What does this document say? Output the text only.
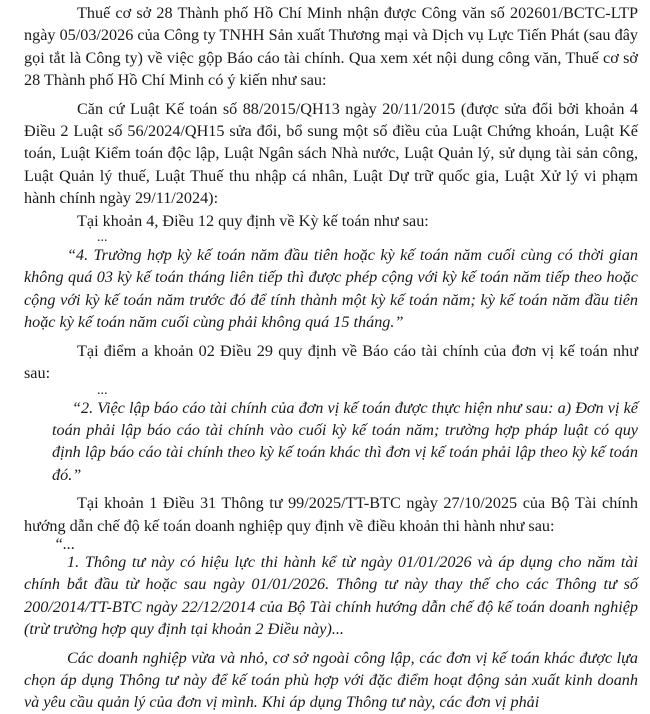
Thuế cơ sở 28 Thành phố Hồ Chí Minh nhận được Công văn số 202601/BCTC-LTP ngày 05/03/2026 của Công ty TNHH Sản xuất Thương mại và Dịch vụ Lực Tiến Phát (sau đây gọi tắt là Công ty) về việc gộp Báo cáo tài chính. Qua xem xét nội dung công văn, Thuế cơ sở 28 Thành phố Hồ Chí Minh có ý kiến như sau:

Căn cứ Luật Kế toán số 88/2015/QH13 ngày 20/11/2015 (được sửa đổi bởi khoản 4 Điều 2 Luật số 56/2024/QH15 sửa đổi, bổ sung một số điều của Luật Chứng khoán, Luật Kế toán, Luật Kiểm toán độc lập, Luật Ngân sách Nhà nước, Luật Quản lý, sử dụng tài sản công, Luật Quản lý thuế, Luật Thuế thu nhập cá nhân, Luật Dự trữ quốc gia, Luật Xử lý vi phạm hành chính ngày 29/11/2024):

Tại khoản 4, Điều 12 quy định về Kỳ kế toán như sau:

...

“4. Trường hợp kỳ kế toán năm đầu tiên hoặc kỳ kế toán năm cuối cùng có thời gian không quá 03 kỳ kế toán tháng liên tiếp thì được phép cộng với kỳ kế toán năm tiếp theo hoặc cộng với kỳ kế toán năm trước đó để tính thành một kỳ kế toán năm; kỳ kế toán năm đầu tiên hoặc kỳ kế toán năm cuối cùng phải không quá 15 tháng.”

Tại điểm a khoản 02 Điều 29 quy định về Báo cáo tài chính của đơn vị kế toán như sau:

...

“2. Việc lập báo cáo tài chính của đơn vị kế toán được thực hiện như sau: a) Đơn vị kế toán phải lập báo cáo tài chính vào cuối kỳ kế toán năm; trường hợp pháp luật có quy định lập báo cáo tài chính theo kỳ kế toán khác thì đơn vị kế toán phải lập theo kỳ kế toán đó.”

Tại khoản 1 Điều 31 Thông tư 99/2025/TT-BTC ngày 27/10/2025 của Bộ Tài chính hướng dẫn chế độ kế toán doanh nghiệp quy định về điều khoản thi hành như sau:

“...

1. Thông tư này có hiệu lực thi hành kể từ ngày 01/01/2026 và áp dụng cho năm tài chính bắt đầu từ hoặc sau ngày 01/01/2026. Thông tư này thay thế cho các Thông tư số 200/2014/TT-BTC ngày 22/12/2014 của Bộ Tài chính hướng dẫn chế độ kế toán doanh nghiệp (trừ trường hợp quy định tại khoản 2 Điều này)...

Các doanh nghiệp vừa và nhỏ, cơ sở ngoài công lập, các đơn vị kế toán khác được lựa chọn áp dụng Thông tư này để kế toán phù hợp với đặc điểm hoạt động sản xuất kinh doanh và yêu cầu quản lý của đơn vị mình. Khi áp dụng Thông tư này, các đơn vị phải
